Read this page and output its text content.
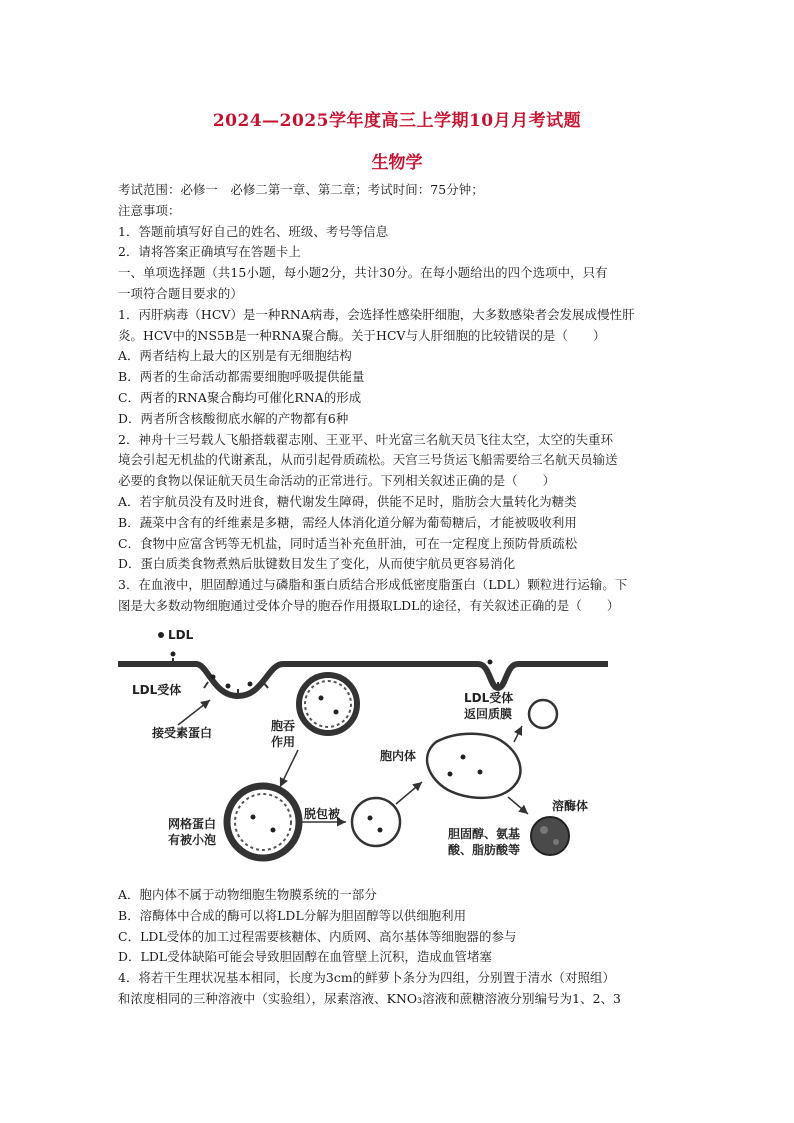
2024—2025学年度高三上学期10月月考试题
生物学
考试范围：必修一　必修二第一章、第二章；考试时间：75分钟；
注意事项：
1．答题前填写好自己的姓名、班级、考号等信息
2．请将答案正确填写在答题卡上
一、单项选择题（共15小题，每小题2分，共计30分。在每小题给出的四个选项中，只有
一项符合题目要求的）
1．丙肝病毒（HCV）是一种RNA病毒，会选择性感染肝细胞，大多数感染者会发展成慢性肝
炎。HCV中的NS5B是一种RNA聚合酶。关于HCV与人肝细胞的比较错误的是（　　）
A．两者结构上最大的区别是有无细胞结构
B．两者的生命活动都需要细胞呼吸提供能量
C．两者的RNA聚合酶均可催化RNA的形成
D．两者所含核酸彻底水解的产物都有6种
2．神舟十三号载人飞船搭载翟志刚、王亚平、叶光富三名航天员飞往太空，太空的失重环
境会引起无机盐的代谢紊乱，从而引起骨质疏松。天宫三号货运飞船需要给三名航天员输送
必要的食物以保证航天员生命活动的正常进行。下列相关叙述正确的是（　　）
A．若宇航员没有及时进食，糖代谢发生障碍，供能不足时，脂肪会大量转化为糖类
B．蔬菜中含有的纤维素是多糖，需经人体消化道分解为葡萄糖后，才能被吸收利用
C．食物中应富含钙等无机盐，同时适当补充鱼肝油，可在一定程度上预防骨质疏松
D．蛋白质类食物煮熟后肽键数目发生了变化，从而使宇航员更容易消化
3．在血液中，胆固醇通过与磷脂和蛋白质结合形成低密度脂蛋白（LDL）颗粒进行运输。下
图是大多数动物细胞通过受体介导的胞吞作用摄取LDL的途径，有关叙述正确的是（　　）
LDL
LDL受体
接受素蛋白	胞吞
作用
网格蛋白
有被小泡
脱包被
胞内体
LDL受体
返回质膜
溶酶体
胆固醇、氨基
酸、脂肪酸等
A．胞内体不属于动物细胞生物膜系统的一部分
B．溶酶体中合成的酶可以将LDL分解为胆固醇等以供细胞利用
C．LDL受体的加工过程需要核糖体、内质网、高尔基体等细胞器的参与
D．LDL受体缺陷可能会导致胆固醇在血管壁上沉积，造成血管堵塞
4．将若干生理状况基本相同，长度为3cm的鲜萝卜条分为四组，分别置于清水（对照组）
和浓度相同的三种溶液中（实验组），尿素溶液、KNO₃溶液和蔗糖溶液分别编号为1、2、3
